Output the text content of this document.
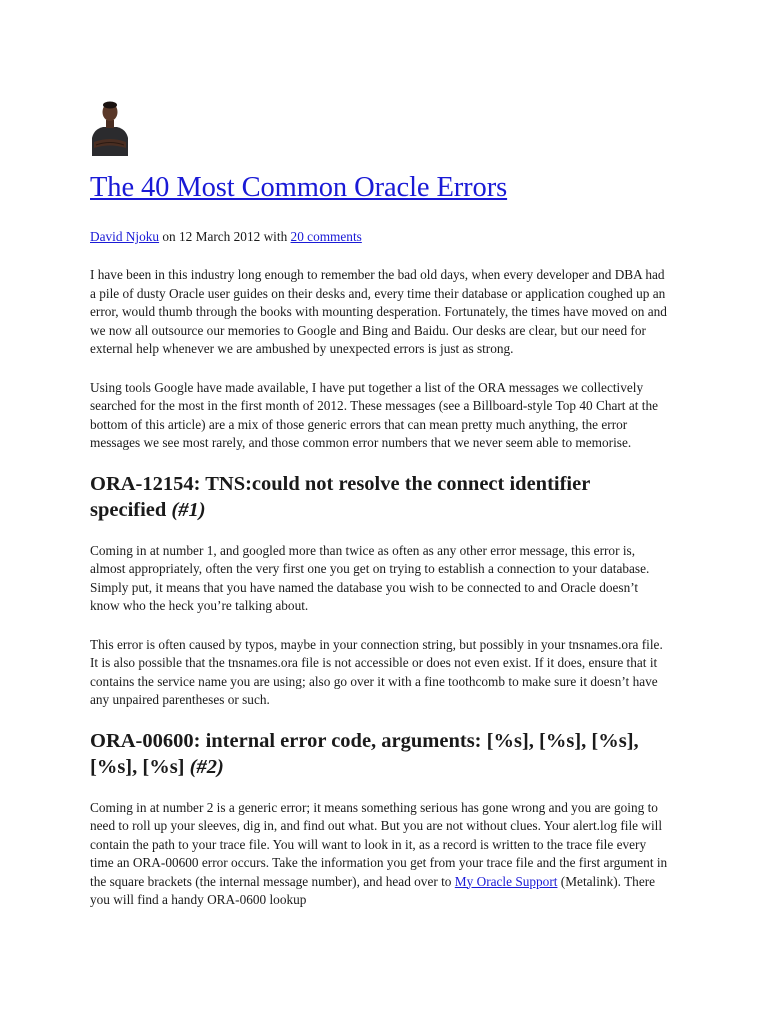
The 40 Most Common Oracle Errors
David Njoku on 12 March 2012 with 20 comments

I have been in this industry long enough to remember the bad old days, when every developer and DBA had a pile of dusty Oracle user guides on their desks and, every time their database or application coughed up an error, would thumb through the books with mounting desperation. Fortunately, the times have moved on and we now all outsource our memories to Google and Bing and Baidu. Our desks are clear, but our need for external help whenever we are ambushed by unexpected errors is just as strong.

Using tools Google have made available, I have put together a list of the ORA messages we collectively searched for the most in the first month of 2012. These messages (see a Billboard-style Top 40 Chart at the bottom of this article) are a mix of those generic errors that can mean pretty much anything, the error messages we see most rarely, and those common error numbers that we never seem able to memorise.

ORA-12154: TNS:could not resolve the connect identifier specified (#1)

Coming in at number 1, and googled more than twice as often as any other error message, this error is, almost appropriately, often the very first one you get on trying to establish a connection to your database. Simply put, it means that you have named the database you wish to be connected to and Oracle doesn’t know who the heck you’re talking about.

This error is often caused by typos, maybe in your connection string, but possibly in your tnsnames.ora file. It is also possible that the tnsnames.ora file is not accessible or does not even exist. If it does, ensure that it contains the service name you are using; also go over it with a fine toothcomb to make sure it doesn’t have any unpaired parentheses or such.

ORA-00600: internal error code, arguments: [%s], [%s], [%s], [%s], [%s] (#2)

Coming in at number 2 is a generic error; it means something serious has gone wrong and you are going to need to roll up your sleeves, dig in, and find out what. But you are not without clues. Your alert.log file will contain the path to your trace file. You will want to look in it, as a record is written to the trace file every time an ORA-00600 error occurs. Take the information you get from your trace file and the first argument in the square brackets (the internal message number), and head over to My Oracle Support (Metalink). There you will find a handy ORA-0600 lookup
